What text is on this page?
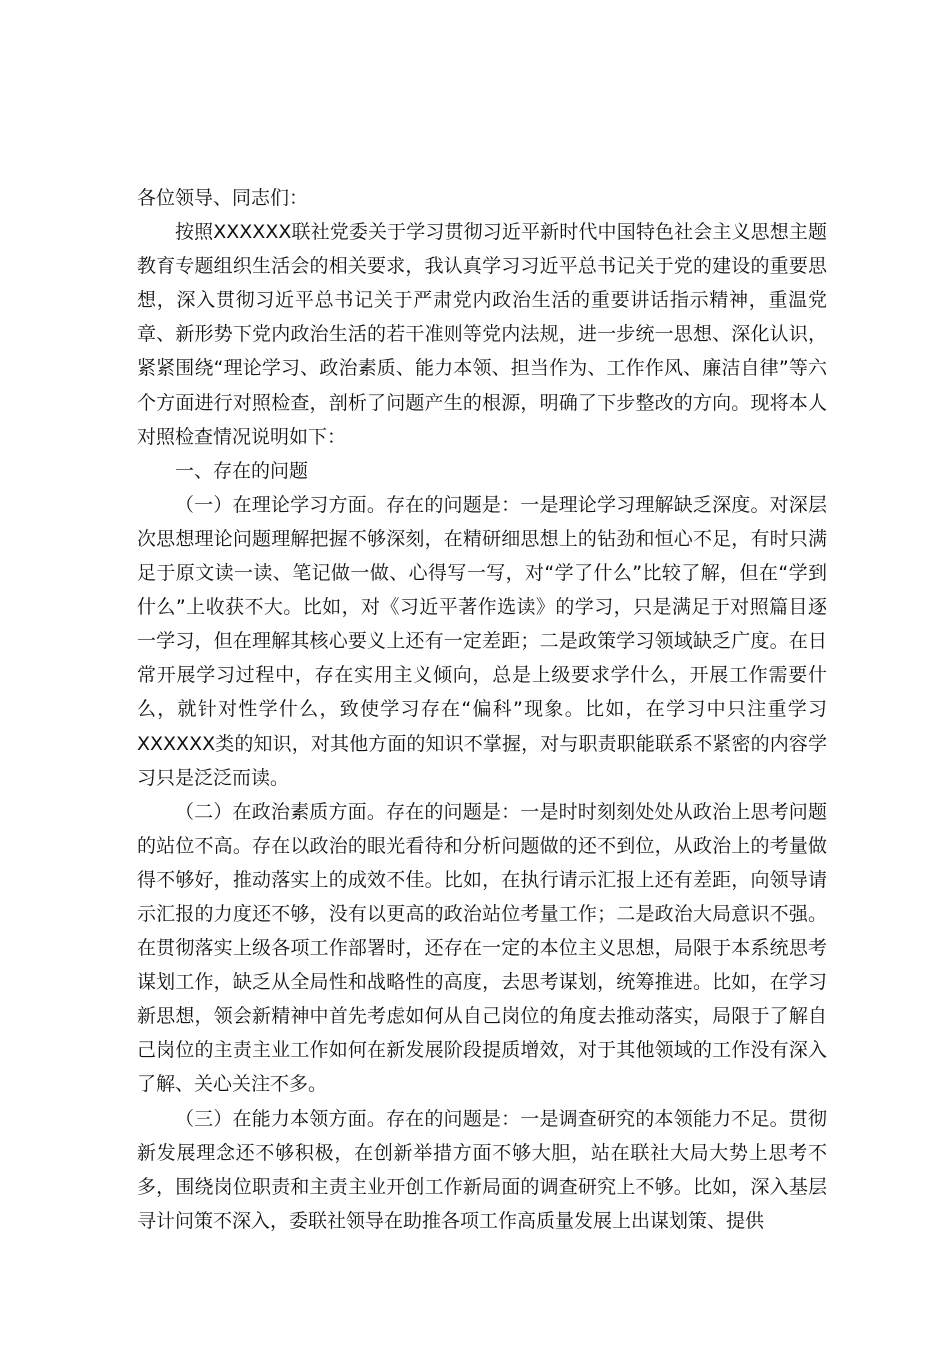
各位领导、同志们：

按照XXXXXX联社党委关于学习贯彻习近平新时代中国特色社会主义思想主题教育专题组织生活会的相关要求，我认真学习习近平总书记关于党的建设的重要思想，深入贯彻习近平总书记关于严肃党内政治生活的重要讲话指示精神，重温党章、新形势下党内政治生活的若干准则等党内法规，进一步统一思想、深化认识，紧紧围绕“理论学习、政治素质、能力本领、担当作为、工作作风、廉洁自律”等六个方面进行对照检查，剖析了问题产生的根源，明确了下步整改的方向。现将本人对照检查情况说明如下：

一、存在的问题

（一）在理论学习方面。存在的问题是：一是理论学习理解缺乏深度。对深层次思想理论问题理解把握不够深刻，在精研细思想上的钻劲和恒心不足，有时只满足于原文读一读、笔记做一做、心得写一写，对“学了什么”比较了解，但在“学到什么”上收获不大。比如，对《习近平著作选读》的学习，只是满足于对照篇目逐一学习，但在理解其核心要义上还有一定差距；二是政策学习领域缺乏广度。在日常开展学习过程中，存在实用主义倾向，总是上级要求学什么，开展工作需要什么，就针对性学什么，致使学习存在“偏科”现象。比如，在学习中只注重学习XXXXXX类的知识，对其他方面的知识不掌握，对与职责职能联系不紧密的内容学习只是泛泛而读。

（二）在政治素质方面。存在的问题是：一是时时刻刻处处从政治上思考问题的站位不高。存在以政治的眼光看待和分析问题做的还不到位，从政治上的考量做得不够好，推动落实上的成效不佳。比如，在执行请示汇报上还有差距，向领导请示汇报的力度还不够，没有以更高的政治站位考量工作；二是政治大局意识不强。在贯彻落实上级各项工作部署时，还存在一定的本位主义思想，局限于本系统思考谋划工作，缺乏从全局性和战略性的高度，去思考谋划，统筹推进。比如，在学习新思想，领会新精神中首先考虑如何从自己岗位的角度去推动落实，局限于了解自己岗位的主责主业工作如何在新发展阶段提质增效，对于其他领域的工作没有深入了解、关心关注不多。

（三）在能力本领方面。存在的问题是：一是调查研究的本领能力不足。贯彻新发展理念还不够积极，在创新举措方面不够大胆，站在联社大局大势上思考不多，围绕岗位职责和主责主业开创工作新局面的调查研究上不够。比如，深入基层寻计问策不深入，委联社领导在助推各项工作高质量发展上出谋划策、提供
